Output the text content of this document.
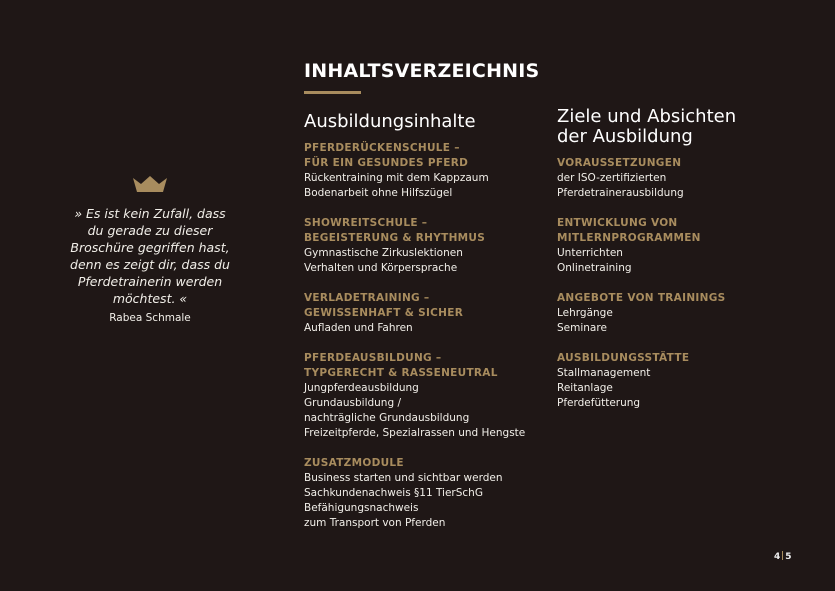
INHALTSVERZEICHNIS
» Es ist kein Zufall, dass
du gerade zu dieser
Broschüre gegriffen hast,
denn es zeigt dir, dass du
Pferdetrainerin werden
möchtest. «
Rabea Schmale
Ausbildungsinhalte
PFERDERÜCKENSCHULE –
FÜR EIN GESUNDES PFERD
Rückentraining mit dem Kappzaum
Bodenarbeit ohne Hilfszügel
SHOWREITSCHULE –
BEGEISTERUNG & RHYTHMUS
Gymnastische Zirkuslektionen
Verhalten und Körpersprache
VERLADETRAINING –
GEWISSENHAFT & SICHER
Aufladen und Fahren
PFERDEAUSBILDUNG –
TYPGERECHT & RASSENEUTRAL
Jungpferdeausbildung
Grundausbildung /
nachträgliche Grundausbildung
Freizeitpferde, Spezialrassen und Hengste
ZUSATZMODULE
Business starten und sichtbar werden
Sachkundenachweis §11 TierSchG
Befähigungsnachweis
zum Transport von Pferden
Ziele und Absichten
der Ausbildung
VORAUSSETZUNGEN
der ISO-zertifizierten
Pferdetrainerausbildung
ENTWICKLUNG VON
MITLERNPROGRAMMEN
Unterrichten
Onlinetraining
ANGEBOTE VON TRAININGS
Lehrgänge
Seminare
AUSBILDUNGSSTÄTTE
Stallmanagement
Reitanlage
Pferdefütterung
4 5
